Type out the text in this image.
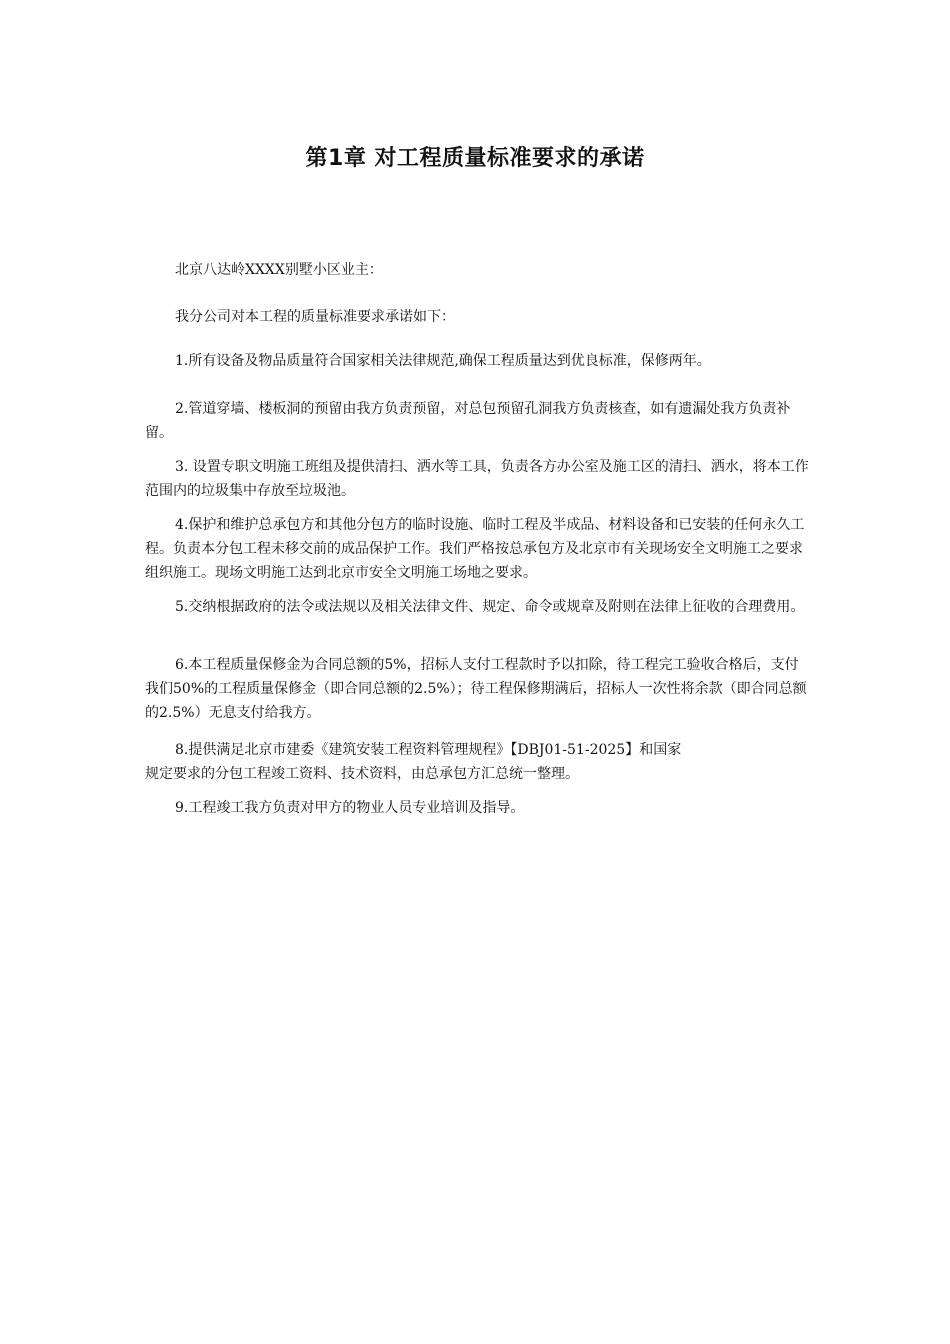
第1章 对工程质量标准要求的承诺

北京八达岭XXXX别墅小区业主：

我分公司对本工程的质量标准要求承诺如下：

1.所有设备及物品质量符合国家相关法律规范,确保工程质量达到优良标准，保修两年。

2.管道穿墙、楼板洞的预留由我方负责预留，对总包预留孔洞我方负责核查，如有遗漏处我方负责补留。

3. 设置专职文明施工班组及提供清扫、洒水等工具，负责各方办公室及施工区的清扫、洒水，将本工作范围内的垃圾集中存放至垃圾池。

4.保护和维护总承包方和其他分包方的临时设施、临时工程及半成品、材料设备和已安装的任何永久工程。负责本分包工程未移交前的成品保护工作。我们严格按总承包方及北京市有关现场安全文明施工之要求组织施工。现场文明施工达到北京市安全文明施工场地之要求。

5.交纳根据政府的法令或法规以及相关法律文件、规定、命令或规章及附则在法律上征收的合理费用。

6.本工程质量保修金为合同总额的5%，招标人支付工程款时予以扣除，待工程完工验收合格后，支付我们50%的工程质量保修金（即合同总额的2.5%）；待工程保修期满后，招标人一次性将余款（即合同总额的2.5%）无息支付给我方。

8.提供满足北京市建委《建筑安装工程资料管理规程》【DBJ01-51-2025】和国家

规定要求的分包工程竣工资料、技术资料，由总承包方汇总统一整理。

9.工程竣工我方负责对甲方的物业人员专业培训及指导。
